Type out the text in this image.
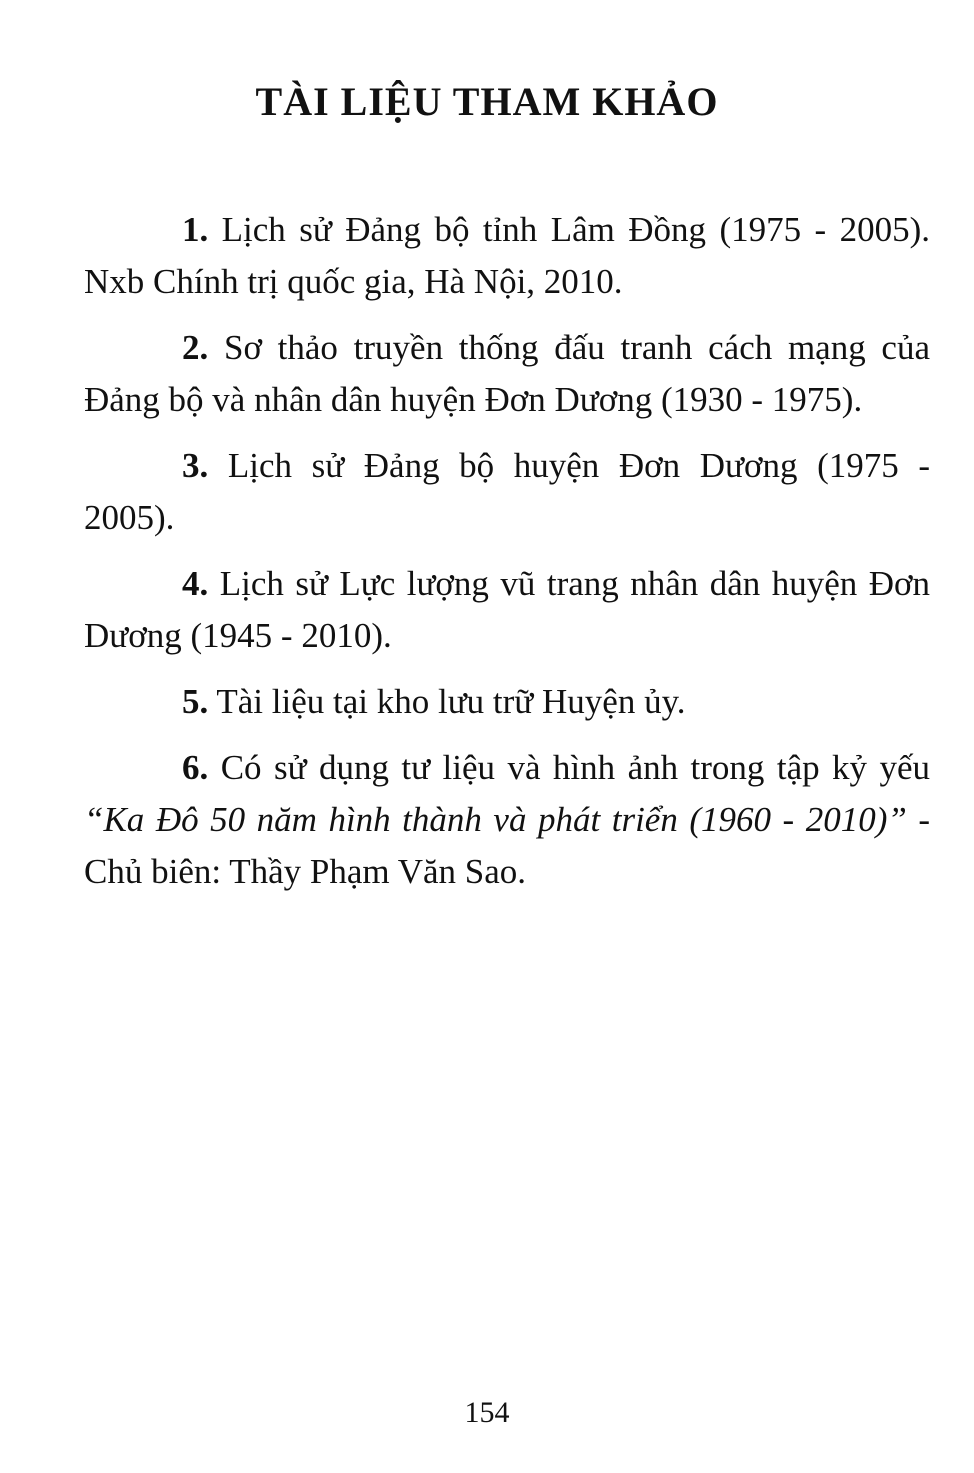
TÀI LIỆU THAM KHẢO

1. Lịch sử Đảng bộ tỉnh Lâm Đồng (1975 - 2005). Nxb Chính trị quốc gia, Hà Nội, 2010.

2. Sơ thảo truyền thống đấu tranh cách mạng của Đảng bộ và nhân dân huyện Đơn Dương (1930 - 1975).

3. Lịch sử Đảng bộ huyện Đơn Dương (1975 - 2005).

4. Lịch sử Lực lượng vũ trang nhân dân huyện Đơn Dương (1945 - 2010).

5. Tài liệu tại kho lưu trữ Huyện ủy.

6. Có sử dụng tư liệu và hình ảnh trong tập kỷ yếu “Ka Đô 50 năm hình thành và phát triển (1960 - 2010)” - Chủ biên: Thầy Phạm Văn Sao.

154
